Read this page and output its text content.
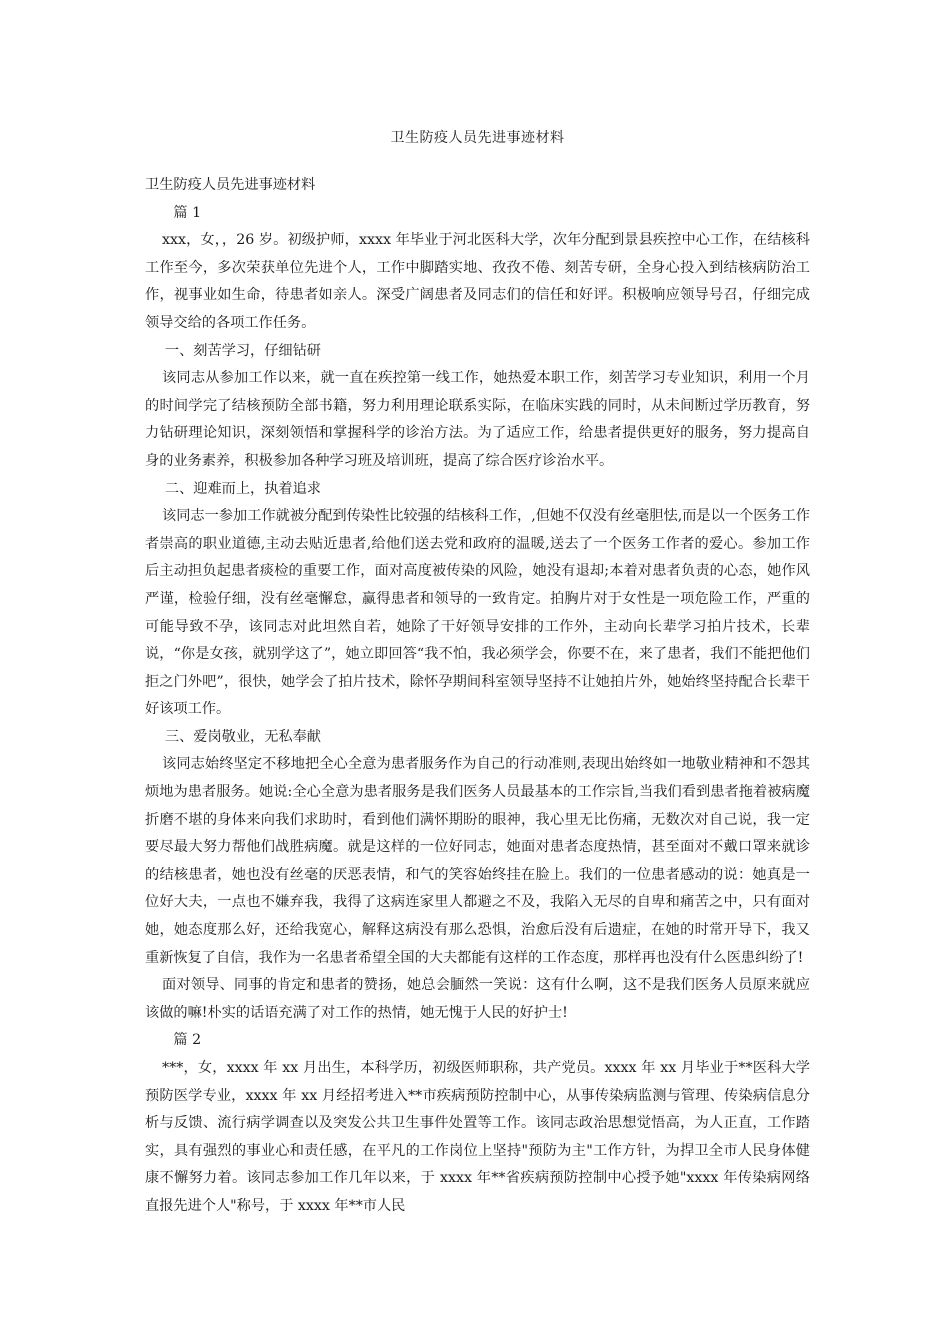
卫生防疫人员先进事迹材料

卫生防疫人员先进事迹材料

篇 1

xxx，女，，26 岁。初级护师，xxxx 年毕业于河北医科大学，次年分配到景县疾控中心工作，在结核科工作至今，多次荣获单位先进个人，工作中脚踏实地、孜孜不倦、刻苦专研，全身心投入到结核病防治工作，视事业如生命，待患者如亲人。深受广阔患者及同志们的信任和好评。积极响应领导号召，仔细完成领导交给的各项工作任务。

一、刻苦学习，仔细钻研

该同志从参加工作以来，就一直在疾控第一线工作，她热爱本职工作，刻苦学习专业知识，利用一个月的时间学完了结核预防全部书籍，努力利用理论联系实际，在临床实践的同时，从未间断过学历教育，努力钻研理论知识，深刻领悟和掌握科学的诊治方法。为了适应工作，给患者提供更好的服务，努力提高自身的业务素养，积极参加各种学习班及培训班，提高了综合医疗诊治水平。

二、迎难而上，执着追求

该同志一参加工作就被分配到传染性比较强的结核科工作，,但她不仅没有丝毫胆怯,而是以一个医务工作者崇高的职业道德,主动去贴近患者,给他们送去党和政府的温暖,送去了一个医务工作者的爱心。参加工作后主动担负起患者痰检的重要工作，面对高度被传染的风险，她没有退却;本着对患者负责的心态，她作风严谨，检验仔细，没有丝毫懈怠，赢得患者和领导的一致肯定。拍胸片对于女性是一项危险工作，严重的可能导致不孕，该同志对此坦然自若，她除了干好领导安排的工作外，主动向长辈学习拍片技术，长辈说，“你是女孩，就别学这了”，她立即回答“我不怕，我必须学会，你要不在，来了患者，我们不能把他们拒之门外吧”，很快，她学会了拍片技术，除怀孕期间科室领导坚持不让她拍片外，她始终坚持配合长辈干好该项工作。

三、爱岗敬业，无私奉献

该同志始终坚定不移地把全心全意为患者服务作为自己的行动准则,表现出始终如一地敬业精神和不怨其烦地为患者服务。她说:全心全意为患者服务是我们医务人员最基本的工作宗旨,当我们看到患者拖着被病魔折磨不堪的身体来向我们求助时，看到他们满怀期盼的眼神，我心里无比伤痛，无数次对自己说，我一定要尽最大努力帮他们战胜病魔。就是这样的一位好同志，她面对患者态度热情，甚至面对不戴口罩来就诊的结核患者，她也没有丝毫的厌恶表情，和气的笑容始终挂在脸上。我们的一位患者感动的说：她真是一位好大夫，一点也不嫌弃我，我得了这病连家里人都避之不及，我陷入无尽的自卑和痛苦之中，只有面对她，她态度那么好，还给我宽心，解释这病没有那么恐惧，治愈后没有后遗症，在她的时常开导下，我又重新恢复了自信，我作为一名患者希望全国的大夫都能有这样的工作态度，那样再也没有什么医患纠纷了!

面对领导、同事的肯定和患者的赞扬，她总会腼然一笑说：这有什么啊，这不是我们医务人员原来就应该做的嘛!朴实的话语充满了对工作的热情，她无愧于人民的好护士!

篇 2

***，女，xxxx 年 xx 月出生，本科学历，初级医师职称，共产党员。xxxx 年 xx 月毕业于**医科大学预防医学专业，xxxx 年 xx 月经招考进入**市疾病预防控制中心，从事传染病监测与管理、传染病信息分析与反馈、流行病学调查以及突发公共卫生事件处置等工作。该同志政治思想觉悟高，为人正直，工作踏实，具有强烈的事业心和责任感，在平凡的工作岗位上坚持"预防为主"工作方针，为捍卫全市人民身体健康不懈努力着。该同志参加工作几年以来，于 xxxx 年**省疾病预防控制中心授予她"xxxx 年传染病网络直报先进个人"称号，于 xxxx 年**市人民
